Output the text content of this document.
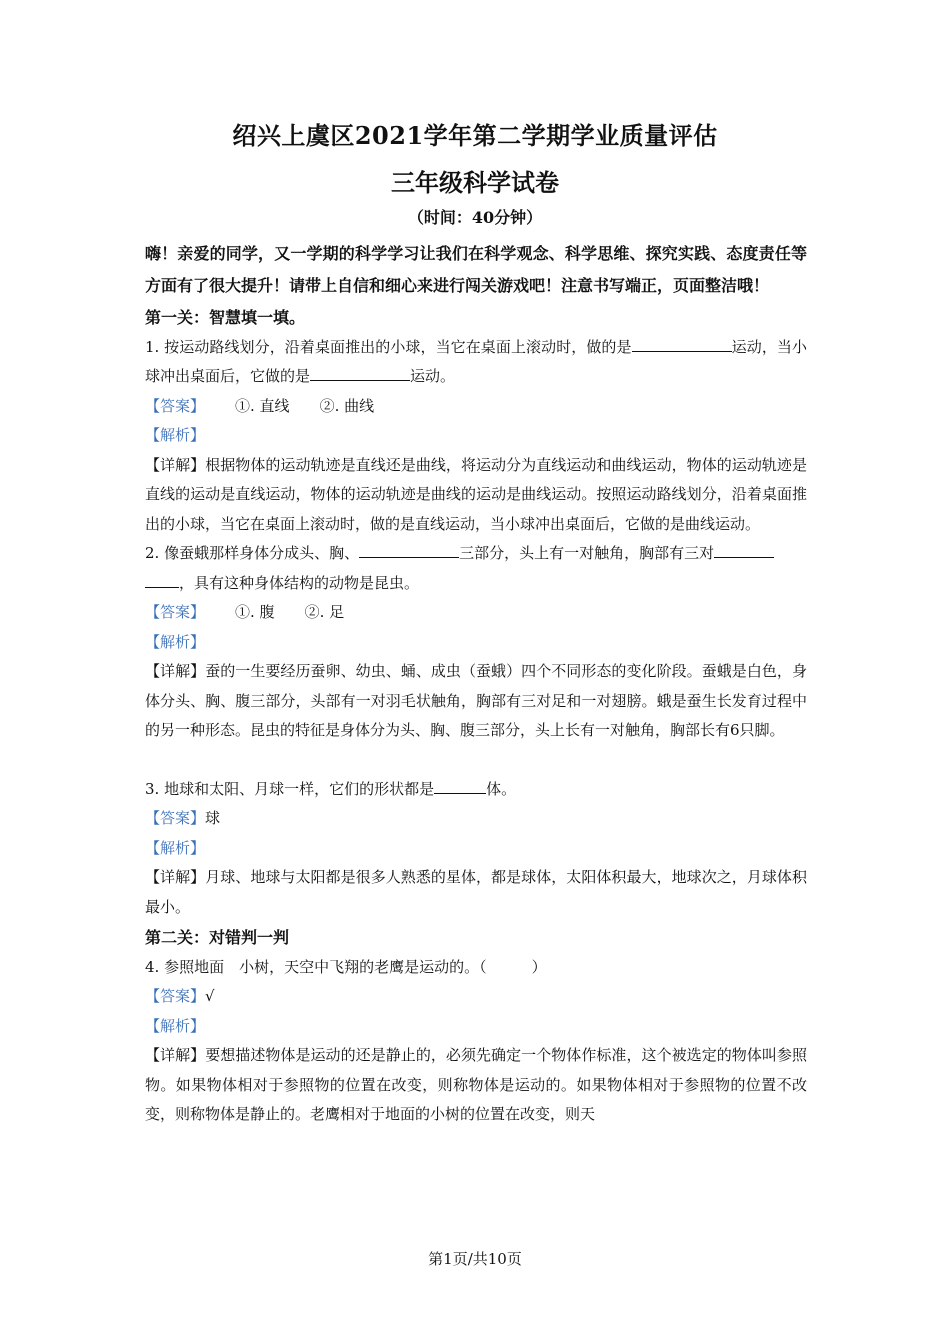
绍兴上虞区2021学年第二学期学业质量评估
三年级科学试卷
（时间：40分钟）
嗨！亲爱的同学，又一学期的科学学习让我们在科学观念、科学思维、探究实践、态度责任等方面有了很大提升！请带上自信和细心来进行闯关游戏吧！注意书写端正，页面整洁哦！
第一关：智慧填一填。
1. 按运动路线划分，沿着桌面推出的小球，当它在桌面上滚动时，做的是	运动，当小球冲出桌面后，它做的是	运动。
【答案】 ①. 直线 ②. 曲线
【解析】
【详解】根据物体的运动轨迹是直线还是曲线，将运动分为直线运动和曲线运动，物体的运动轨迹是直线的运动是直线运动，物体的运动轨迹是曲线的运动是曲线运动。按照运动路线划分，沿着桌面推出的小球，当它在桌面上滚动时，做的是直线运动，当小球冲出桌面后，它做的是曲线运动。
2. 像蚕蛾那样身体分成头、胸、	三部分，头上有一对触角，胸部有三对
，具有这种身体结构的动物是昆虫。
【答案】 ①. 腹 ②. 足
【解析】
【详解】蚕的一生要经历蚕卵、幼虫、蛹、成虫（蚕蛾）四个不同形态的变化阶段。蚕蛾是白色，身体分头、胸、腹三部分，头部有一对羽毛状触角，胸部有三对足和一对翅膀。蛾是蚕生长发育过程中的另一种形态。昆虫的特征是身体分为头、胸、腹三部分，头上长有一对触角，胸部长有6只脚。
3. 地球和太阳、月球一样，它们的形状都是	体。
【答案】球
【解析】
【详解】月球、地球与太阳都是很多人熟悉的星体，都是球体，太阳体积最大，地球次之，月球体积最小。
第二关：对错判一判
4. 参照地面　小树，天空中飞翔的老鹰是运动的。（　　　）
【答案】√
【解析】
【详解】要想描述物体是运动的还是静止的，必须先确定一个物体作标准，这个被选定的物体叫参照物。如果物体相对于参照物的位置在改变，则称物体是运动的。如果物体相对于参照物的位置不改变，则称物体是静止的。老鹰相对于地面的小树的位置在改变，则天
第1页/共10页
